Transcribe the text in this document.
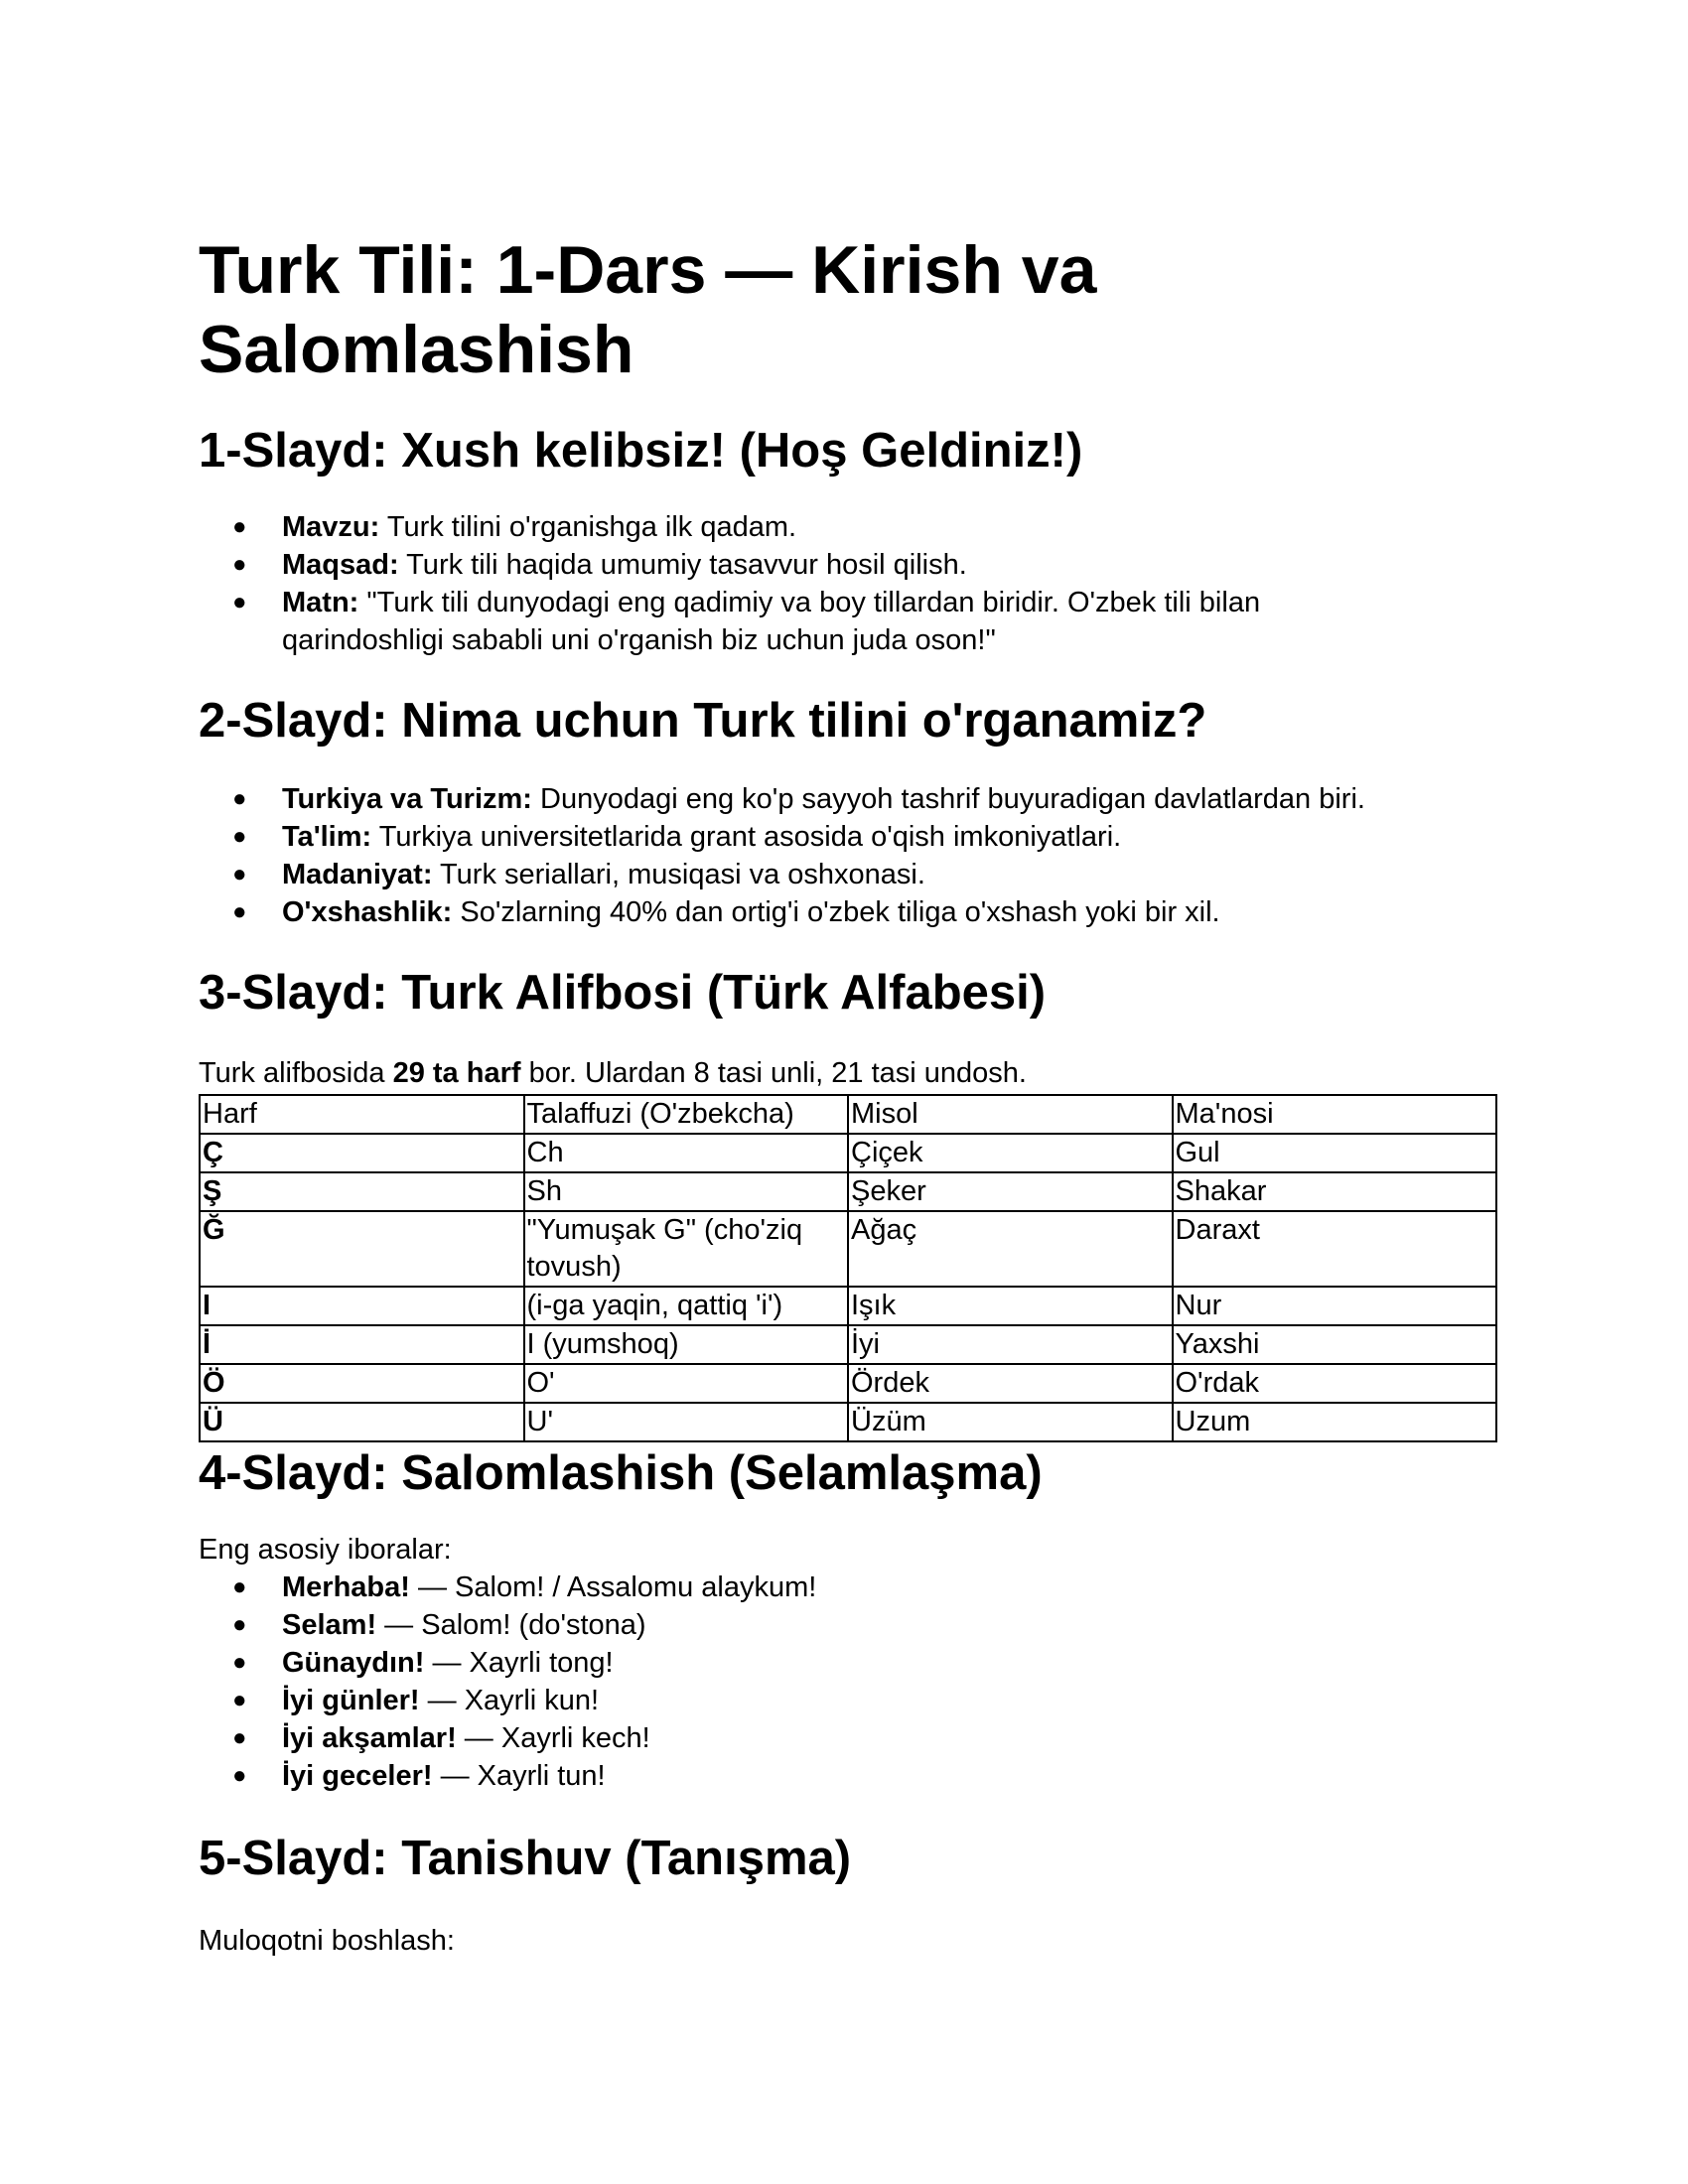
Turk Tili: 1-Dars — Kirish va Salomlashish
1-Slayd: Xush kelibsiz! (Hoş Geldiniz!)
● Mavzu: Turk tilini o'rganishga ilk qadam.
● Maqsad: Turk tili haqida umumiy tasavvur hosil qilish.
● Matn: "Turk tili dunyodagi eng qadimiy va boy tillardan biridir. O'zbek tili bilan qarindoshligi sababli uni o'rganish biz uchun juda oson!"
2-Slayd: Nima uchun Turk tilini o'rganamiz?
● Turkiya va Turizm: Dunyodagi eng ko'p sayyoh tashrif buyuradigan davlatlardan biri.
● Ta'lim: Turkiya universitetlarida grant asosida o'qish imkoniyatlari.
● Madaniyat: Turk seriallari, musiqasi va oshxonasi.
● O'xshashlik: So'zlarning 40% dan ortig'i o'zbek tiliga o'xshash yoki bir xil.
3-Slayd: Turk Alifbosi (Türk Alfabesi)

Turk alifbosida 29 ta harf bor. Ulardan 8 tasi unli, 21 tasi undosh.

Harf	Talaffuzi (O'zbekcha)	Misol	Ma'nosi
Ç	Ch	Çiçek	Gul
Ş	Sh	Şeker	Shakar
Ğ	"Yumuşak G" (cho'ziq tovush)	Ağaç	Daraxt
I	(i-ga yaqin, qattiq 'i')	Işık	Nur
İ	I (yumshoq)	İyi	Yaxshi
Ö	O'	Ördek	O'rdak
Ü	U'	Üzüm	Uzum
4-Slayd: Salomlashish (Selamlaşma)

Eng asosiy iboralar:

● Merhaba! — Salom! / Assalomu alaykum!
● Selam! — Salom! (do'stona)
● Günaydın! — Xayrli tong!
● İyi günler! — Xayrli kun!
● İyi akşamlar! — Xayrli kech!
● İyi geceler! — Xayrli tun!
5-Slayd: Tanishuv (Tanışma)

Muloqotni boshlash:
